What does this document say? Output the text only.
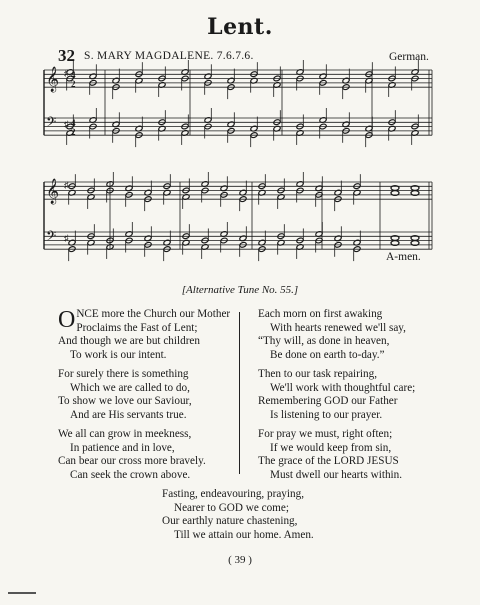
Lent.
32 S. MARY MAGDALENE. 7.6.7.6.	German.
𝄞 ♯
𝄢 ♯
4
2
4
2
𝄞 ♯
𝄢 ♯
A-men.
[Alternative Tune No. 55.]
O NCE more the Church our Mother
Proclaims the Fast of Lent;
And though we are but children
To work is our intent.
For surely there is something
Which we are called to do,
To show we love our Saviour,
And are His servants true.
We all can grow in meekness,
In patience and in love,
Can bear our cross more bravely.
Can seek the crown above.
Each morn on first awaking
With hearts renewed we'll say,
“Thy will, as done in heaven,
Be done on earth to-day.”
Then to our task repairing,
We'll work with thoughtful care;
Remembering GOD our Father
Is listening to our prayer.
For pray we must, right often;
If we would keep from sin,
The grace of the LORD JESUS
Must dwell our hearts within.
Fasting, endeavouring, praying,
Nearer to GOD we come;
Our earthly nature chastening,
Till we attain our home. Amen.
( 39 )
